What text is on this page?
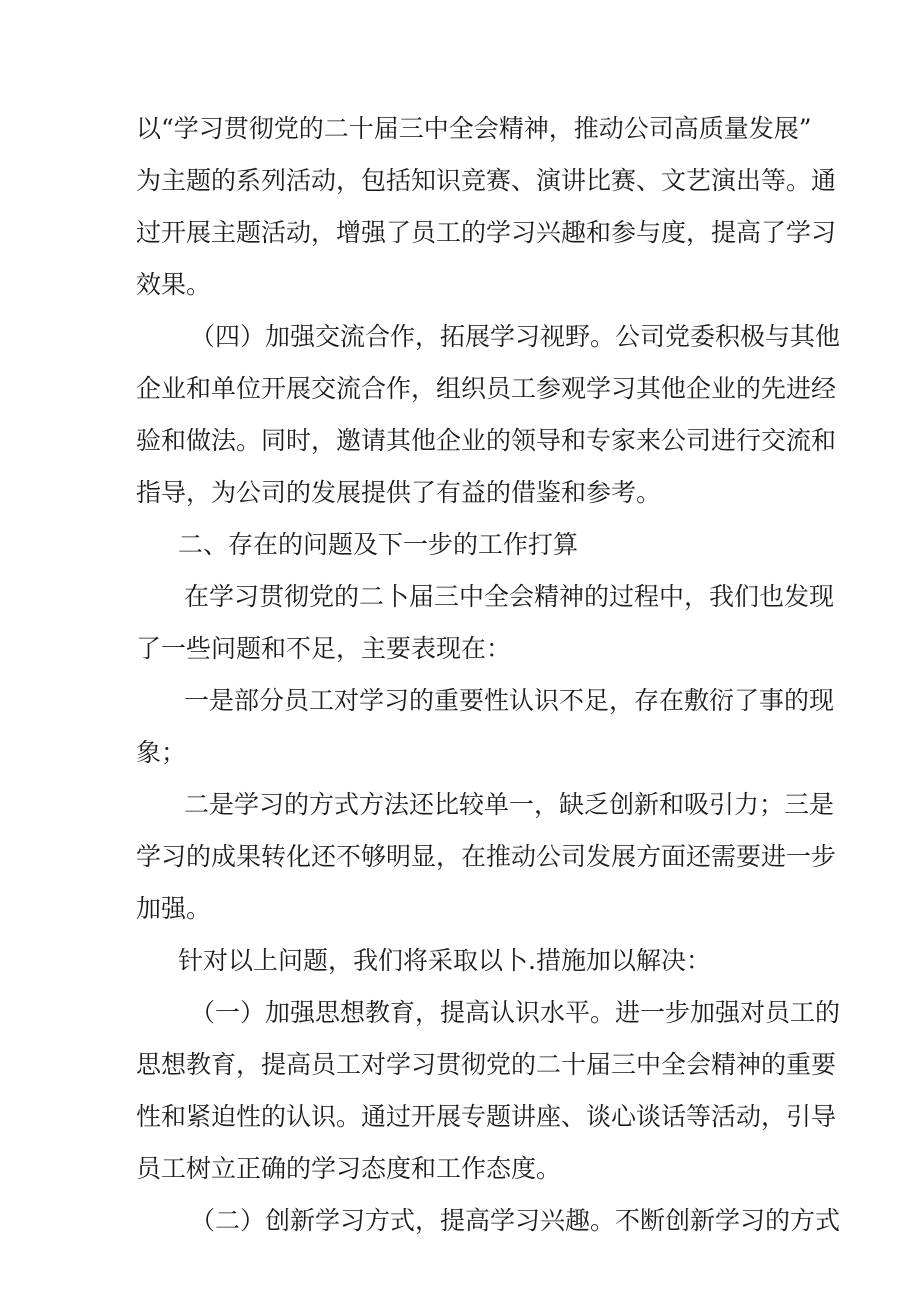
以“学习贯彻党的二十届三中全会精神，推动公司高质量发展”
为主题的系列活动，包括知识竞赛、演讲比赛、文艺演出等。通
过开展主题活动，增强了员工的学习兴趣和参与度，提高了学习
效果。
（四）加强交流合作，拓展学习视野。公司党委积极与其他
企业和单位开展交流合作，组织员工参观学习其他企业的先进经
验和做法。同时，邀请其他企业的领导和专家来公司进行交流和
指导，为公司的发展提供了有益的借鉴和参考。
二、存在的问题及下一步的工作打算
在学习贯彻党的二卜届三中全会精神的过程中，我们也发现
了一些问题和不足，主要表现在：
一是部分员工对学习的重要性认识不足，存在敷衍了事的现
象；
二是学习的方式方法还比较单一，缺乏创新和吸引力；三是
学习的成果转化还不够明显，在推动公司发展方面还需要进一步
加强。
针对以上问题，我们将采取以卜.措施加以解决：
（一）加强思想教育，提高认识水平。进一步加强对员工的
思想教育，提高员工对学习贯彻党的二十届三中全会精神的重要
性和紧迫性的认识。通过开展专题讲座、谈心谈话等活动，引导
员工树立正确的学习态度和工作态度。
（二）创新学习方式，提高学习兴趣。不断创新学习的方式
